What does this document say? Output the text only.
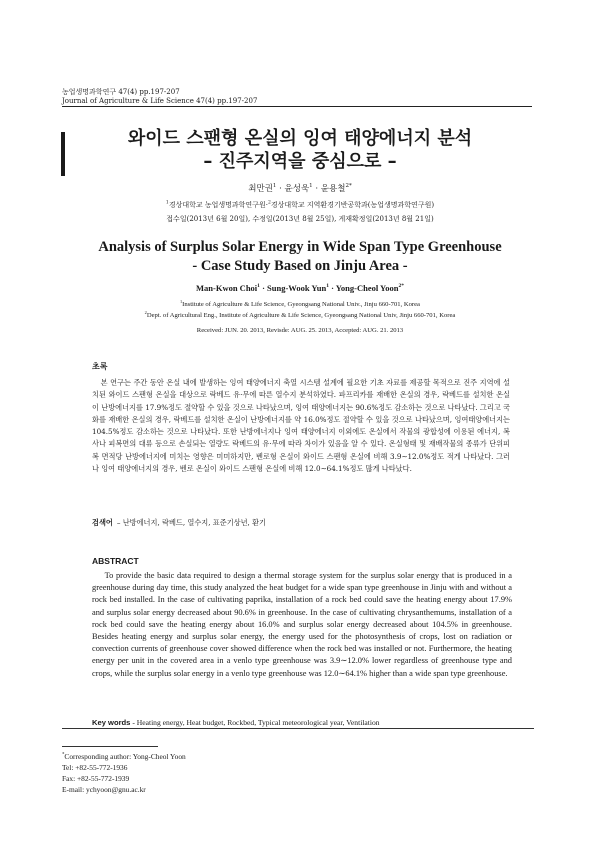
농업생명과학연구 47(4) pp.197-207
Journal of Agriculture & Life Science 47(4) pp.197-207
와이드 스팬형 온실의 잉여 태양에너지 분석
– 진주지역을 중심으로 –
최만권$^1$ · 윤성욱$^1$ · 윤용철$^{2*}$
$^1$경상대학교 농업생명과학연구원·$^2$경상대학교 지역환경기반공학과(농업생명과학연구원)
접수일(2013년 6월 20일), 수정일(2013년 8월 25일), 게재확정일(2013년 8월 21일)
Analysis of Surplus Solar Energy in Wide Span Type Greenhouse
- Case Study Based on Jinju Area -
Man-Kwon Choi$^1$ · Sung-Wook Yun$^1$ · Yong-Cheol Yoon$^{2*}$
$^1$Institute of Agriculture & Life Science, Gyeongsang National Univ., Jinju 660-701, Korea
$^2$Dept. of Agricultural Eng., Institute of Agriculture & Life Science, Gyeongsang National Univ, Jinju 660-701, Korea
Received: JUN. 20. 2013, Revisde: AUG. 25. 2013, Accepted: AUG. 21. 2013
초록

본 연구는 주간 동안 온실 내에 발생하는 잉여 태양에너지 축열 시스템 설계에 필요한 기초 자료를 제공할 목적으로 진주 지역에 설치된 와이드 스팬형 온실을 대상으로 락베드 유·무에 따른 열수지 분석하였다. 파프리카를 재배한 온실의 경우, 락베드를 설치한 온실이 난방에너지를 17.9%정도 절약할 수 있을 것으로 나타났으며, 잉여 태양에너지는 90.6%정도 감소하는 것으로 나타났다. 그리고 국화를 재배한 온실의 경우, 락베드를 설치한 온실이 난방에너지를 약 16.0%정도 절약할 수 있을 것으로 나타났으며, 잉여태양에너지는 104.5%정도 감소하는 것으로 나타났다. 또한 난방에너지나 잉여 태양에너지 이외에도 온실에서 작물의 광합성에 이용된 에너지, 복사나 피복면의 대류 등으로 손실되는 열량도 락베드의 유·무에 따라 차이가 있음을 알 수 있다. 온실형태 및 재배작물의 종류가 단위피복 면적당 난방에너지에 미치는 영향은 미미하지만, 벤로형 온실이 와이드 스팬형 온실에 비해 3.9∼12.0%정도 적게 나타났다. 그러나 잉여 태양에너지의 경우, 벤로 온실이 와이드 스팬형 온실에 비해 12.0∼64.1%정도 많게 나타났다.

검색어 – 난방에너지, 락베드, 열수지, 표준기상년, 환기
ABSTRACT

To provide the basic data required to design a thermal storage system for the surplus solar energy that is produced in a greenhouse during day time, this study analyzed the heat budget for a wide span type greenhouse in Jinju with and without a rock bed installed. In the case of cultivating paprika, installation of a rock bed could save the heating energy about 17.9% and surplus solar energy decreased about 90.6% in greenhouse. In the case of cultivating chrysanthemums, installation of a rock bed could save the heating energy about 16.0% and surplus solar energy decreased about 104.5% in greenhouse. Besides heating energy and surplus solar energy, the energy used for the photosynthesis of crops, lost on radiation or convection currents of greenhouse cover showed difference when the rock bed was installed or not. Furthermore, the heating energy per unit in the covered area in a venlo type greenhouse was 3.9∼12.0% lower regardless of greenhouse type and crops, while the surplus solar energy in a venlo type greenhouse was 12.0∼64.1% higher than a wide span type greenhouse.

Key words - Heating energy, Heat budget, Rockbed, Typical meteorological year, Ventilation
*Corresponding author: Yong-Cheol Yoon
Tel: +82-55-772-1936
Fax: +82-55-772-1939
E-mail: ychyoon@gnu.ac.kr
